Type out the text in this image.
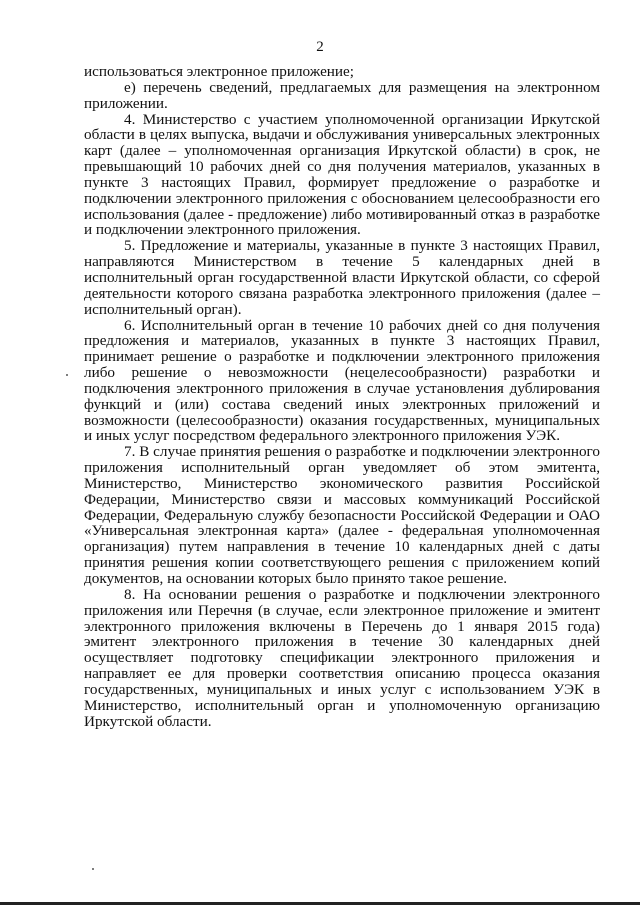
2

использоваться электронное приложение;

е) перечень сведений, предлагаемых для размещения на электронном приложении.

4. Министерство с участием уполномоченной организации Иркутской области в целях выпуска, выдачи и обслуживания универсальных электронных карт (далее – уполномоченная организация Иркутской области) в срок, не превышающий 10 рабочих дней со дня получения материалов, указанных в пункте 3 настоящих Правил, формирует предложение о разработке и подключении электронного приложения с обоснованием целесообразности его использования (далее - предложение) либо мотивированный отказ в разработке и подключении электронного приложения.

5. Предложение и материалы, указанные в пункте 3 настоящих Правил, направляются Министерством в течение 5 календарных дней в исполнительный орган государственной власти Иркутской области, со сферой деятельности которого связана разработка электронного приложения (далее – исполнительный орган).

6. Исполнительный орган в течение 10 рабочих дней со дня получения предложения и материалов, указанных в пункте 3 настоящих Правил, принимает решение о разработке и подключении электронного приложения либо решение о невозможности (нецелесообразности) разработки и подключения электронного приложения в случае установления дублирования функций и (или) состава сведений иных электронных приложений и возможности (целесообразности) оказания государственных, муниципальных и иных услуг посредством федерального электронного приложения УЭК.

7. В случае принятия решения о разработке и подключении электронного приложения исполнительный орган уведомляет об этом эмитента, Министерство, Министерство экономического развития Российской Федерации, Министерство связи и массовых коммуникаций Российской Федерации, Федеральную службу безопасности Российской Федерации и ОАО «Универсальная электронная карта» (далее - федеральная уполномоченная организация) путем направления в течение 10 календарных дней с даты принятия решения копии соответствующего решения с приложением копий документов, на основании которых было принято такое решение.

8. На основании решения о разработке и подключении электронного приложения или Перечня (в случае, если электронное приложение и эмитент электронного приложения включены в Перечень до 1 января 2015 года) эмитент электронного приложения в течение 30 календарных дней осуществляет подготовку спецификации электронного приложения и направляет ее для проверки соответствия описанию процесса оказания государственных, муниципальных и иных услуг с использованием УЭК в Министерство, исполнительный орган и уполномоченную организацию Иркутской области.
